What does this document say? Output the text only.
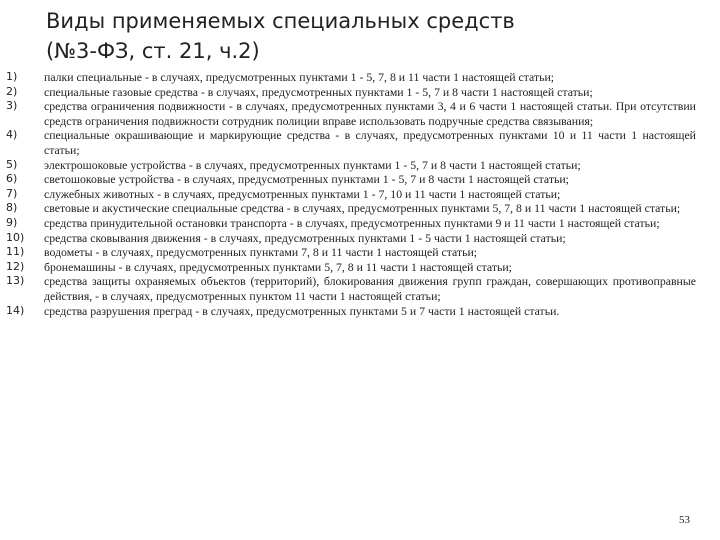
Виды применяемых специальных средств
(№3-ФЗ, ст. 21, ч.2)
1)	палки специальные - в случаях, предусмотренных пунктами 1 - 5, 7, 8 и 11 части 1 настоящей статьи;
2)	специальные газовые средства - в случаях, предусмотренных пунктами 1 - 5, 7 и 8 части 1 настоящей статьи;
3)	средства ограничения подвижности - в случаях, предусмотренных пунктами 3, 4 и 6 части 1 настоящей статьи. При отсутствии средств ограничения подвижности сотрудник полиции вправе использовать подручные средства связывания;
4)	специальные окрашивающие и маркирующие средства - в случаях, предусмотренных пунктами 10 и 11 части 1 настоящей статьи;
5)	электрошоковые устройства - в случаях, предусмотренных пунктами 1 - 5, 7 и 8 части 1 настоящей статьи;
6)	светошоковые устройства - в случаях, предусмотренных пунктами 1 - 5, 7 и 8 части 1 настоящей статьи;
7)	служебных животных - в случаях, предусмотренных пунктами 1 - 7, 10 и 11 части 1 настоящей статьи;
8)	световые и акустические специальные средства - в случаях, предусмотренных пунктами 5, 7, 8 и 11 части 1 настоящей статьи;
9)	средства принудительной остановки транспорта - в случаях, предусмотренных пунктами 9 и 11 части 1 настоящей статьи;
10)	средства сковывания движения - в случаях, предусмотренных пунктами 1 - 5 части 1 настоящей статьи;
11)	водометы - в случаях, предусмотренных пунктами 7, 8 и 11 части 1 настоящей статьи;
12)	бронемашины - в случаях, предусмотренных пунктами 5, 7, 8 и 11 части 1 настоящей статьи;
13)	средства защиты охраняемых объектов (территорий), блокирования движения групп граждан, совершающих противоправные действия, - в случаях, предусмотренных пунктом 11 части 1 настоящей статьи;
14)	средства разрушения преград - в случаях, предусмотренных пунктами 5 и 7 части 1 настоящей статьи.
53
